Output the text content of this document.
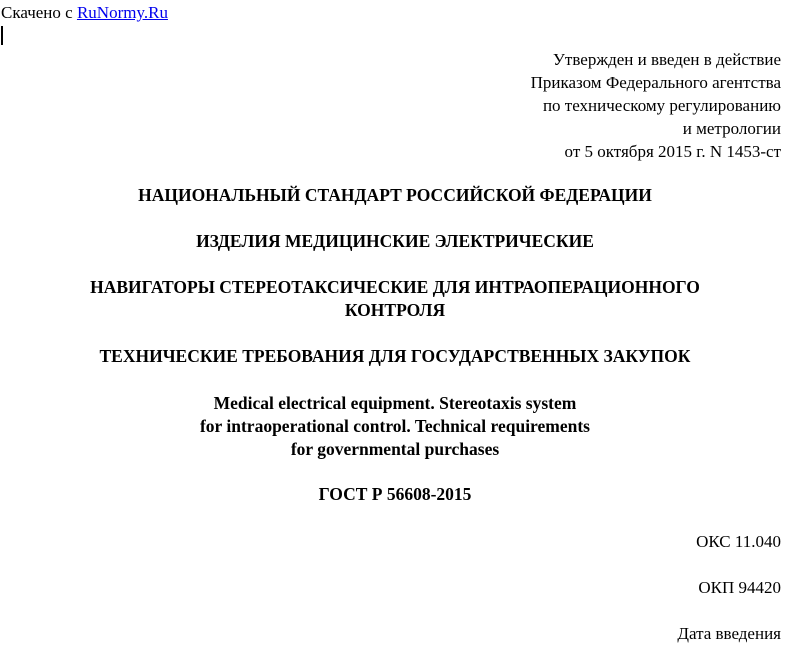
Скачено с RuNormy.Ru
Утвержден и введен в действие
Приказом Федерального агентства
по техническому регулированию
и метрологии
от 5 октября 2015 г. N 1453-ст
НАЦИОНАЛЬНЫЙ СТАНДАРТ РОССИЙСКОЙ ФЕДЕРАЦИИ
ИЗДЕЛИЯ МЕДИЦИНСКИЕ ЭЛЕКТРИЧЕСКИЕ
НАВИГАТОРЫ СТЕРЕОТАКСИЧЕСКИЕ ДЛЯ ИНТРАОПЕРАЦИОННОГО
КОНТРОЛЯ
ТЕХНИЧЕСКИЕ ТРЕБОВАНИЯ ДЛЯ ГОСУДАРСТВЕННЫХ ЗАКУПОК
Medical electrical equipment. Stereotaxis system
for intraoperational control. Technical requirements
for governmental purchases
ГОСТ Р 56608-2015
ОКС 11.040
ОКП 94420
Дата введения
